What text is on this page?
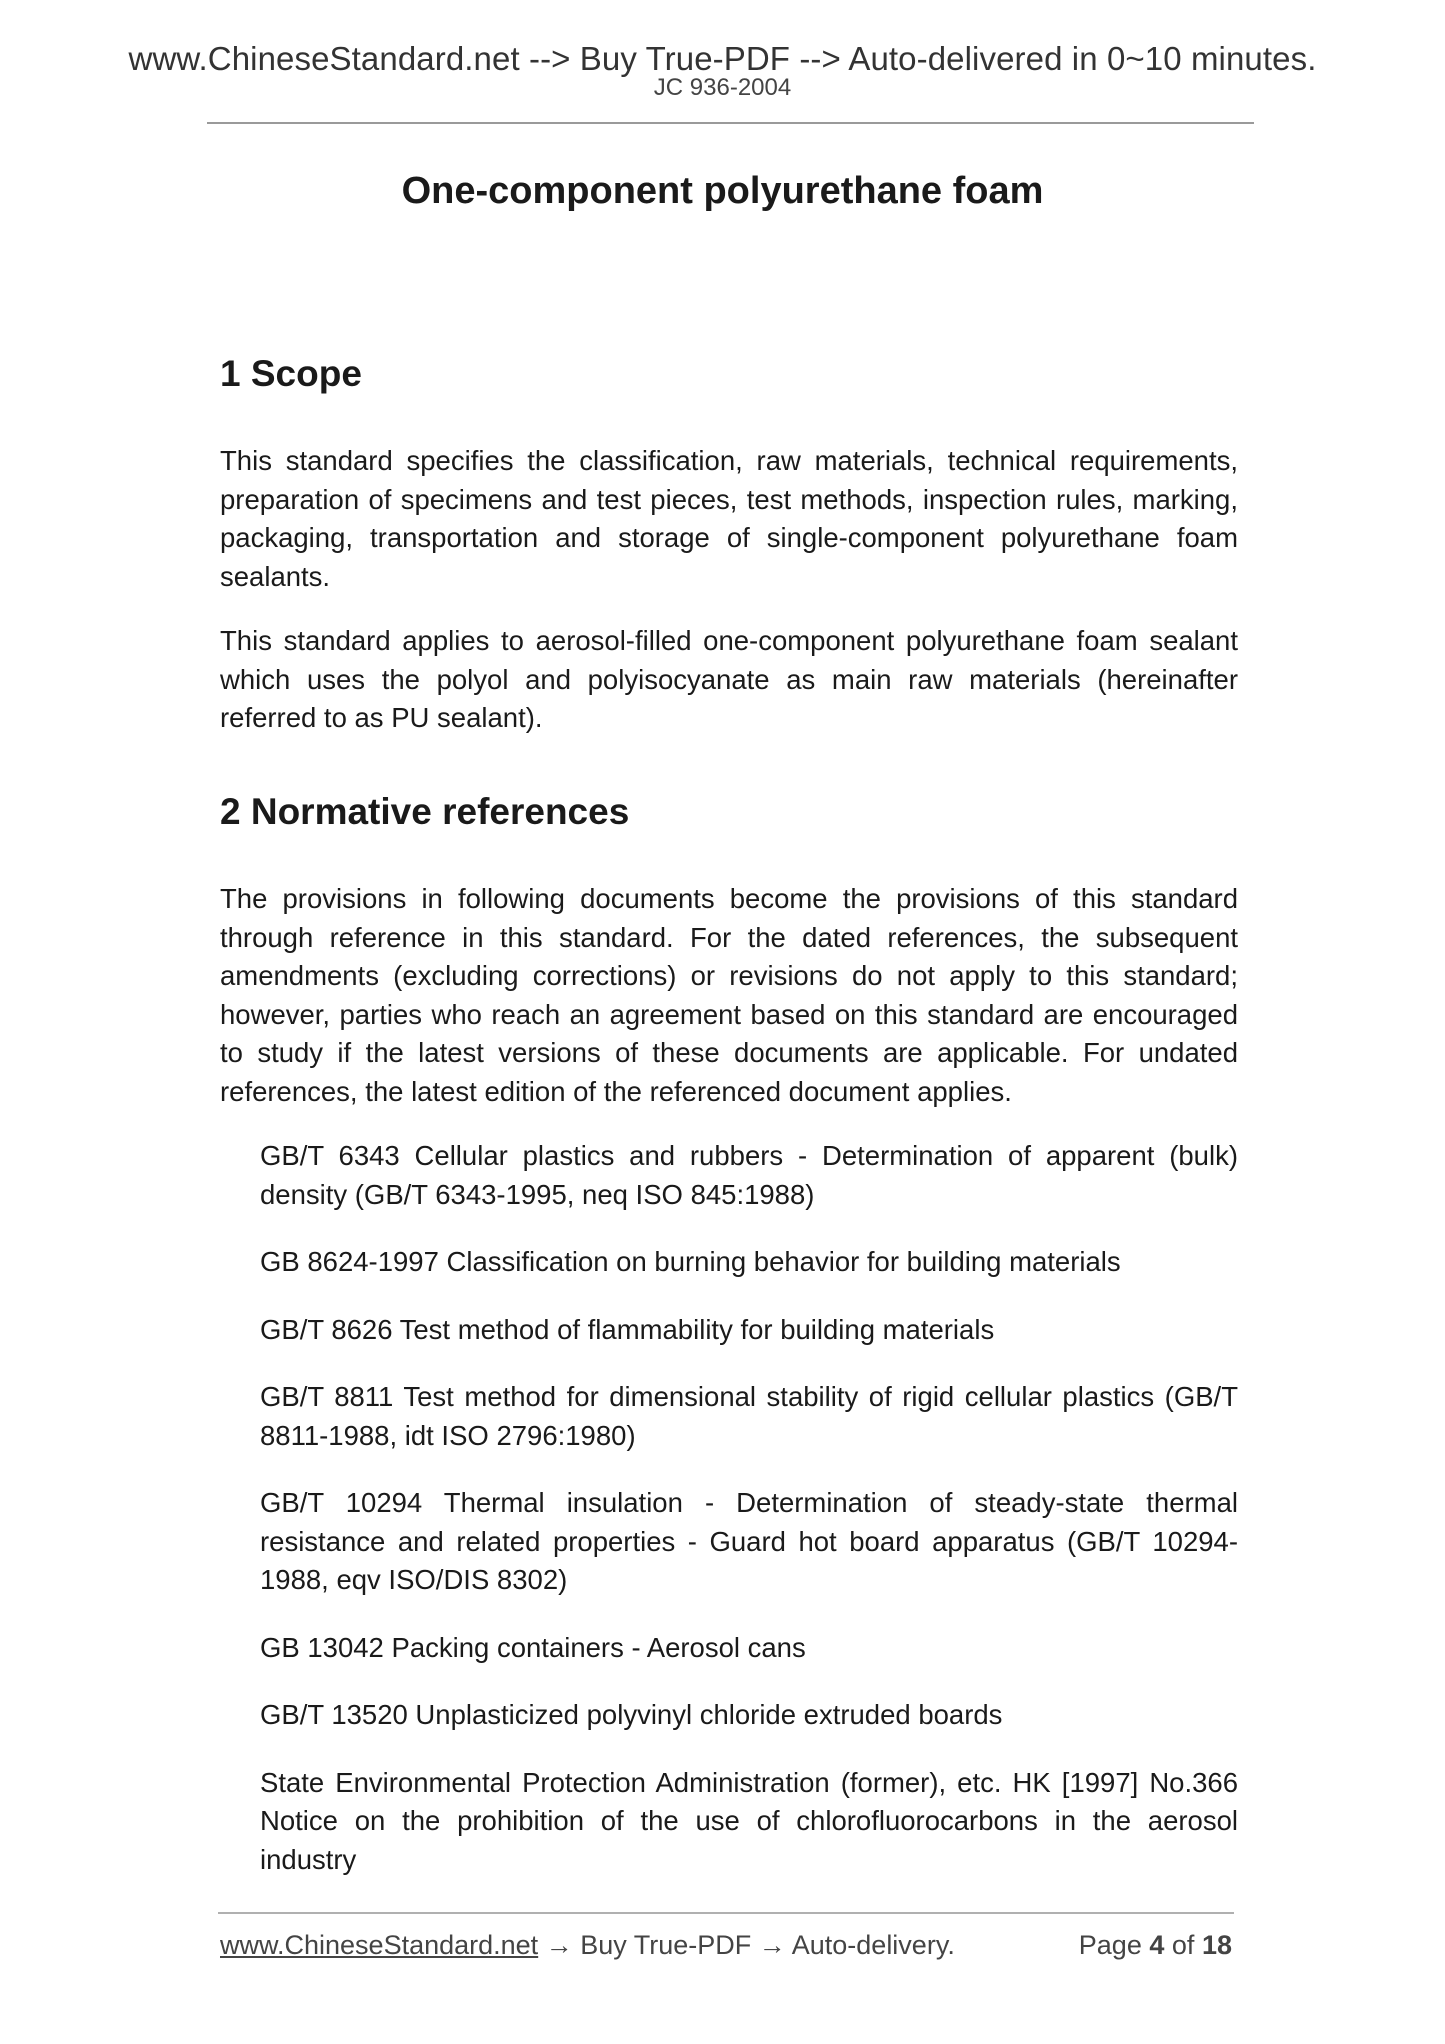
www.ChineseStandard.net --> Buy True-PDF --> Auto-delivered in 0~10 minutes.
JC 936-2004
One-component polyurethane foam
1 Scope

This standard specifies the classification, raw materials, technical requirements, preparation of specimens and test pieces, test methods, inspection rules, marking, packaging, transportation and storage of single-component polyurethane foam sealants.

This standard applies to aerosol-filled one-component polyurethane foam sealant which uses the polyol and polyisocyanate as main raw materials (hereinafter referred to as PU sealant).

2 Normative references

The provisions in following documents become the provisions of this standard through reference in this standard. For the dated references, the subsequent amendments (excluding corrections) or revisions do not apply to this standard; however, parties who reach an agreement based on this standard are encouraged to study if the latest versions of these documents are applicable. For undated references, the latest edition of the referenced document applies.

GB/T 6343 Cellular plastics and rubbers - Determination of apparent (bulk) density (GB/T 6343-1995, neq ISO 845:1988)
GB 8624-1997 Classification on burning behavior for building materials
GB/T 8626 Test method of flammability for building materials
GB/T 8811 Test method for dimensional stability of rigid cellular plastics (GB/T 8811-1988, idt ISO 2796:1980)
GB/T 10294 Thermal insulation - Determination of steady-state thermal resistance and related properties - Guard hot board apparatus (GB/T 10294-1988, eqv ISO/DIS 8302)
GB 13042 Packing containers - Aerosol cans
GB/T 13520 Unplasticized polyvinyl chloride extruded boards
State Environmental Protection Administration (former), etc. HK [1997] No.366 Notice on the prohibition of the use of chlorofluorocarbons in the aerosol industry
www.ChineseStandard.net → Buy True-PDF → Auto-delivery.	Page 4 of 18
